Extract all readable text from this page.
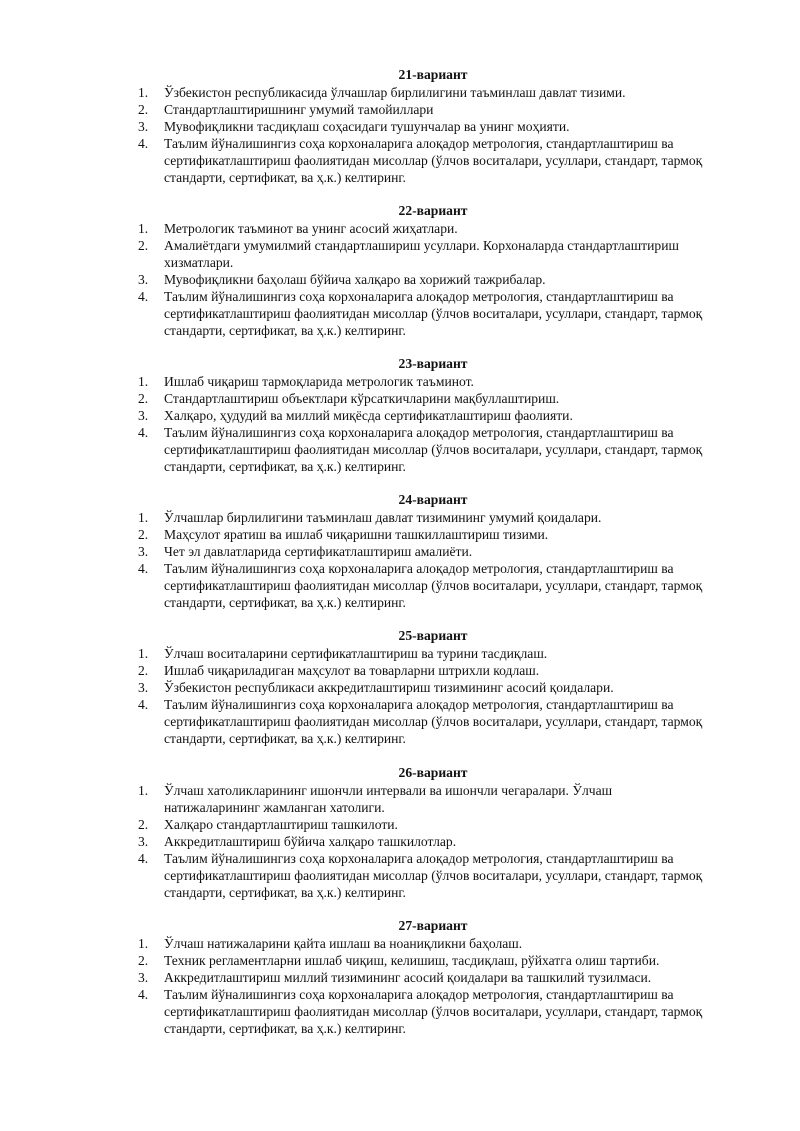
21-вариант
1.	Ўзбекистон республикасида ўлчашлар бирлилигини таъминлаш давлат тизими.
2.	Стандартлаштиришнинг умумий тамойиллари
3.	Мувофиқликни тасдиқлаш соҳасидаги тушунчалар ва унинг моҳияти.
4.	Таълим йўналишингиз соҳа корхоналарига алоқадор метрология, стандартлаштириш ва сертификатлаштириш фаолиятидан мисоллар (ўлчов воситалари, усуллари, стандарт, тармоқ стандарти, сертификат, ва ҳ.к.) келтиринг.
22-вариант
1.	Метрологик таъминот ва унинг асосий жиҳатлари.
2.	Амалиётдаги умумилмий стандартлашириш усуллари. Корхоналарда стандартлаштириш хизматлари.
3.	Мувофиқликни баҳолаш бўйича халқаро ва хорижий тажрибалар.
4.	Таълим йўналишингиз соҳа корхоналарига алоқадор метрология, стандартлаштириш ва сертификатлаштириш фаолиятидан мисоллар (ўлчов воситалари, усуллари, стандарт, тармоқ стандарти, сертификат, ва ҳ.к.) келтиринг.
23-вариант
1.	Ишлаб чиқариш тармоқларида метрологик таъминот.
2.	Стандартлаштириш объектлари кўрсаткичларини мақбуллаштириш.
3.	Халқаро, ҳудудий ва миллий миқёсда сертификатлаштириш фаолияти.
4.	Таълим йўналишингиз соҳа корхоналарига алоқадор метрология, стандартлаштириш ва сертификатлаштириш фаолиятидан мисоллар (ўлчов воситалари, усуллари, стандарт, тармоқ стандарти, сертификат, ва ҳ.к.) келтиринг.
24-вариант
1.	Ўлчашлар бирлилигини таъминлаш давлат тизимининг умумий қоидалари.
2.	Маҳсулот яратиш ва ишлаб чиқаришни ташкиллаштириш тизими.
3.	Чет эл давлатларида сертификатлаштириш амалиёти.
4.	Таълим йўналишингиз соҳа корхоналарига алоқадор метрология, стандартлаштириш ва сертификатлаштириш фаолиятидан мисоллар (ўлчов воситалари, усуллари, стандарт, тармоқ стандарти, сертификат, ва ҳ.к.) келтиринг.
25-вариант
1.	Ўлчаш воситаларини сертификатлаштириш ва турини тасдиқлаш.
2.	Ишлаб чиқариладиган маҳсулот ва товарларни штрихли кодлаш.
3.	Ўзбекистон республикаси аккредитлаштириш тизимининг асосий қоидалари.
4.	Таълим йўналишингиз соҳа корхоналарига алоқадор метрология, стандартлаштириш ва сертификатлаштириш фаолиятидан мисоллар (ўлчов воситалари, усуллари, стандарт, тармоқ стандарти, сертификат, ва ҳ.к.) келтиринг.
26-вариант
1.	Ўлчаш хатоликларининг ишончли интервали ва ишончли чегаралари. Ўлчаш натижаларининг жамланган хатолиги.
2.	Халқаро стандартлаштириш ташкилоти.
3.	Аккредитлаштириш бўйича халқаро ташкилотлар.
4.	Таълим йўналишингиз соҳа корхоналарига алоқадор метрология, стандартлаштириш ва сертификатлаштириш фаолиятидан мисоллар (ўлчов воситалари, усуллари, стандарт, тармоқ стандарти, сертификат, ва ҳ.к.) келтиринг.
27-вариант
1.	Ўлчаш натижаларини қайта ишлаш ва ноаниқликни баҳолаш.
2.	Техник регламентларни ишлаб чиқиш, келишиш, тасдиқлаш, рўйхатга олиш тартиби.
3.	Аккредитлаштириш миллий тизимининг асосий қоидалари ва ташкилий тузилмаси.
4.	Таълим йўналишингиз соҳа корхоналарига алоқадор метрология, стандартлаштириш ва сертификатлаштириш фаолиятидан мисоллар (ўлчов воситалари, усуллари, стандарт, тармоқ стандарти, сертификат, ва ҳ.к.) келтиринг.
